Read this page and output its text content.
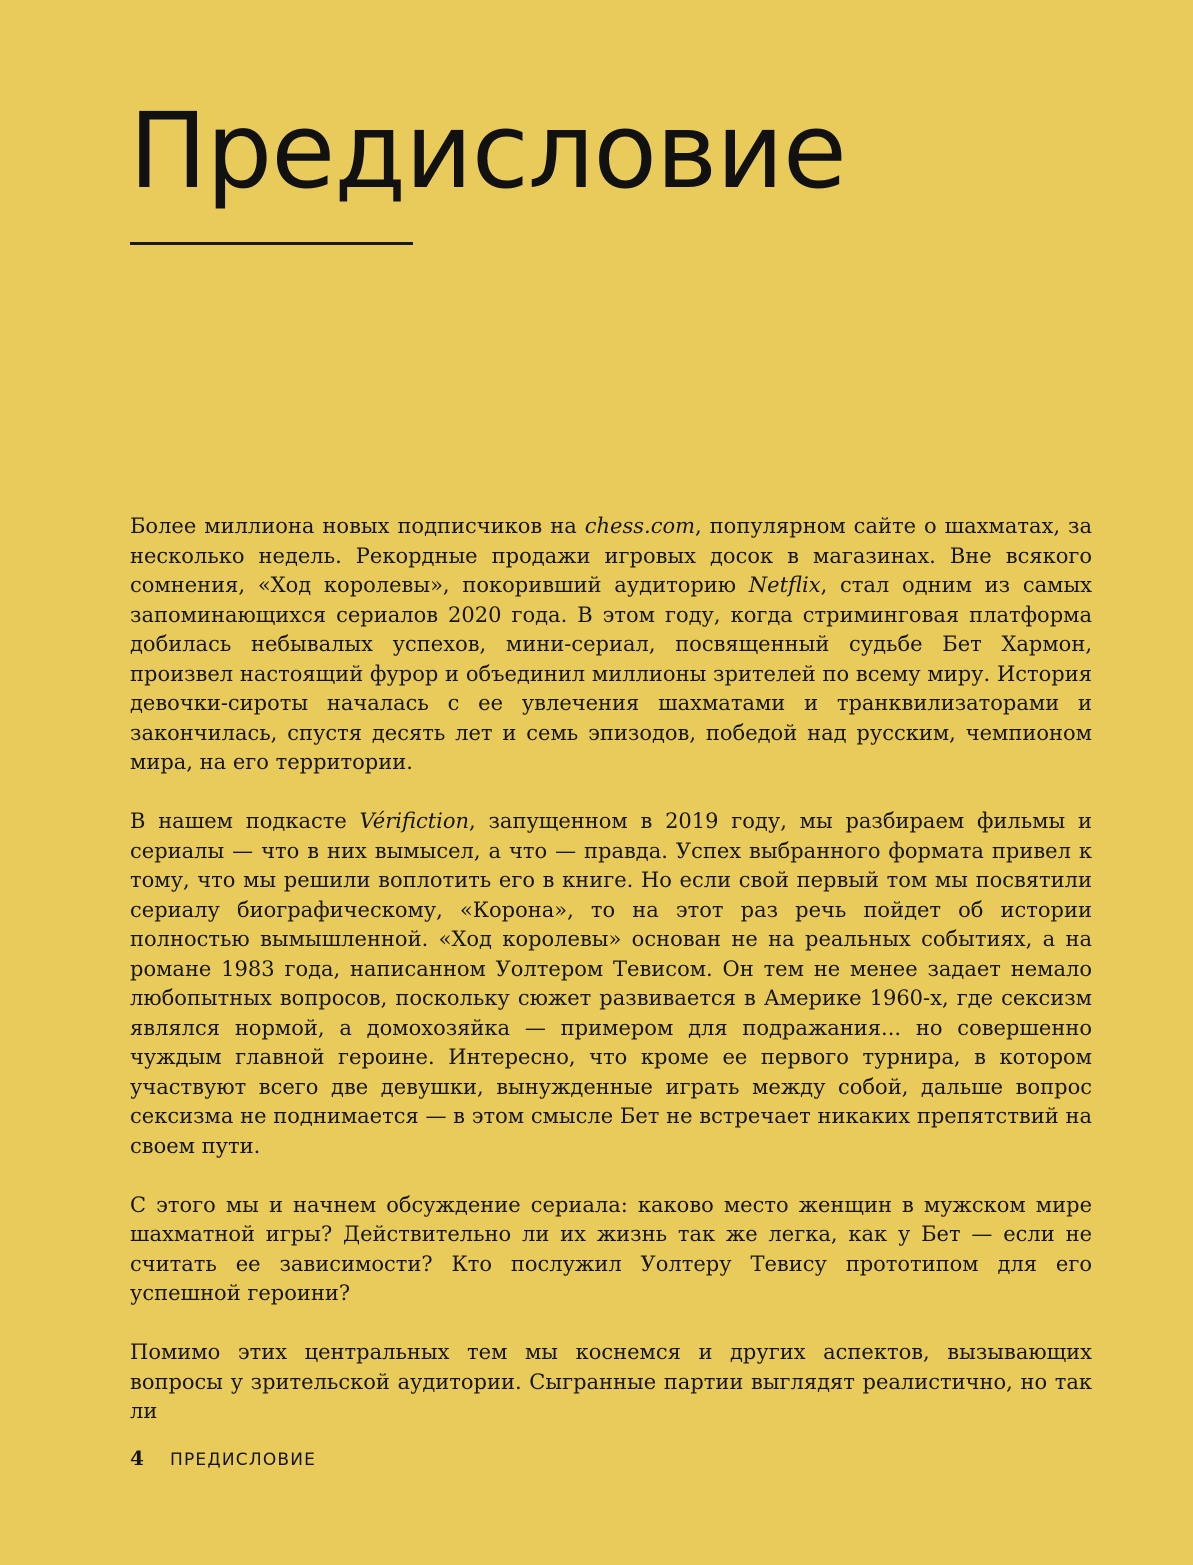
Предисловие

Более миллиона новых подписчиков на chess.com, популярном сайте о шахматах, за несколько недель. Рекордные продажи игровых досок в магазинах. Вне всякого сомнения, «Ход королевы», покоривший аудиторию Netflix, стал одним из самых запоминающихся сериалов 2020 года. В этом году, когда стриминговая платформа добилась небывалых успехов, мини-сериал, посвященный судьбе Бет Хармон, произвел настоящий фурор и объединил миллионы зрителей по всему миру. История девочки-сироты началась с ее увлечения шахматами и транквилизаторами и закончилась, спустя десять лет и семь эпизодов, победой над русским, чемпионом мира, на его территории.

В нашем подкасте Vérifiction, запущенном в 2019 году, мы разбираем фильмы и сериалы — что в них вымысел, а что — правда. Успех выбранного формата привел к тому, что мы решили воплотить его в книге. Но если свой первый том мы посвятили сериалу биографическому, «Корона», то на этот раз речь пойдет об истории полностью вымышленной. «Ход королевы» основан не на реальных событиях, а на романе 1983 года, написанном Уолтером Тевисом. Он тем не менее задает немало любопытных вопросов, поскольку сюжет развивается в Америке 1960-х, где сексизм являлся нормой, а домохозяйка — примером для подражания... но совершенно чуждым главной героине. Интересно, что кроме ее первого турнира, в котором участвуют всего две девушки, вынужденные играть между собой, дальше вопрос сексизма не поднимается — в этом смысле Бет не встречает никаких препятствий на своем пути.

С этого мы и начнем обсуждение сериала: каково место женщин в мужском мире шахматной игры? Действительно ли их жизнь так же легка, как у Бет — если не считать ее зависимости? Кто послужил Уолтеру Тевису прототипом для его успешной героини?

Помимо этих центральных тем мы коснемся и других аспектов, вызывающих вопросы у зрительской аудитории. Сыгранные партии выглядят реалистично, но так ли

4	ПРЕДИСЛОВИЕ
